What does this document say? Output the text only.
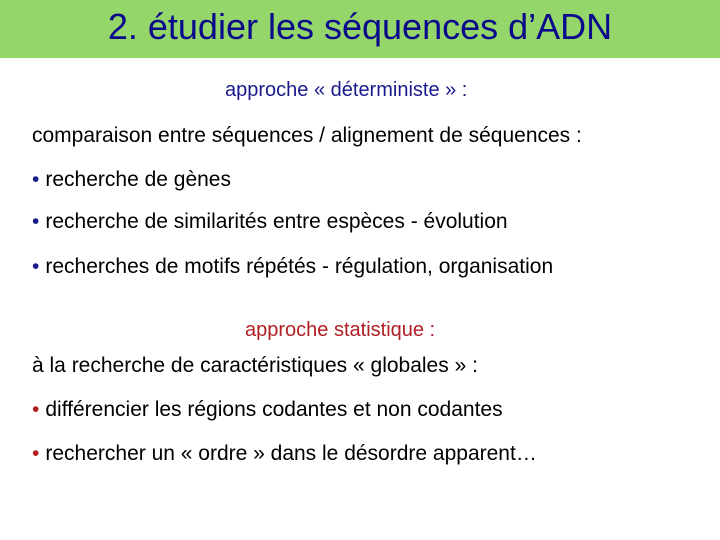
2. étudier les séquences d’ADN
approche « déterministe » :
comparaison entre séquences / alignement de séquences :
• recherche de gènes
• recherche de similarités entre espèces - évolution
• recherches de motifs répétés - régulation, organisation
approche statistique :
à la recherche de caractéristiques « globales » :
• différencier les régions codantes et non codantes
• rechercher un « ordre » dans le désordre apparent…
